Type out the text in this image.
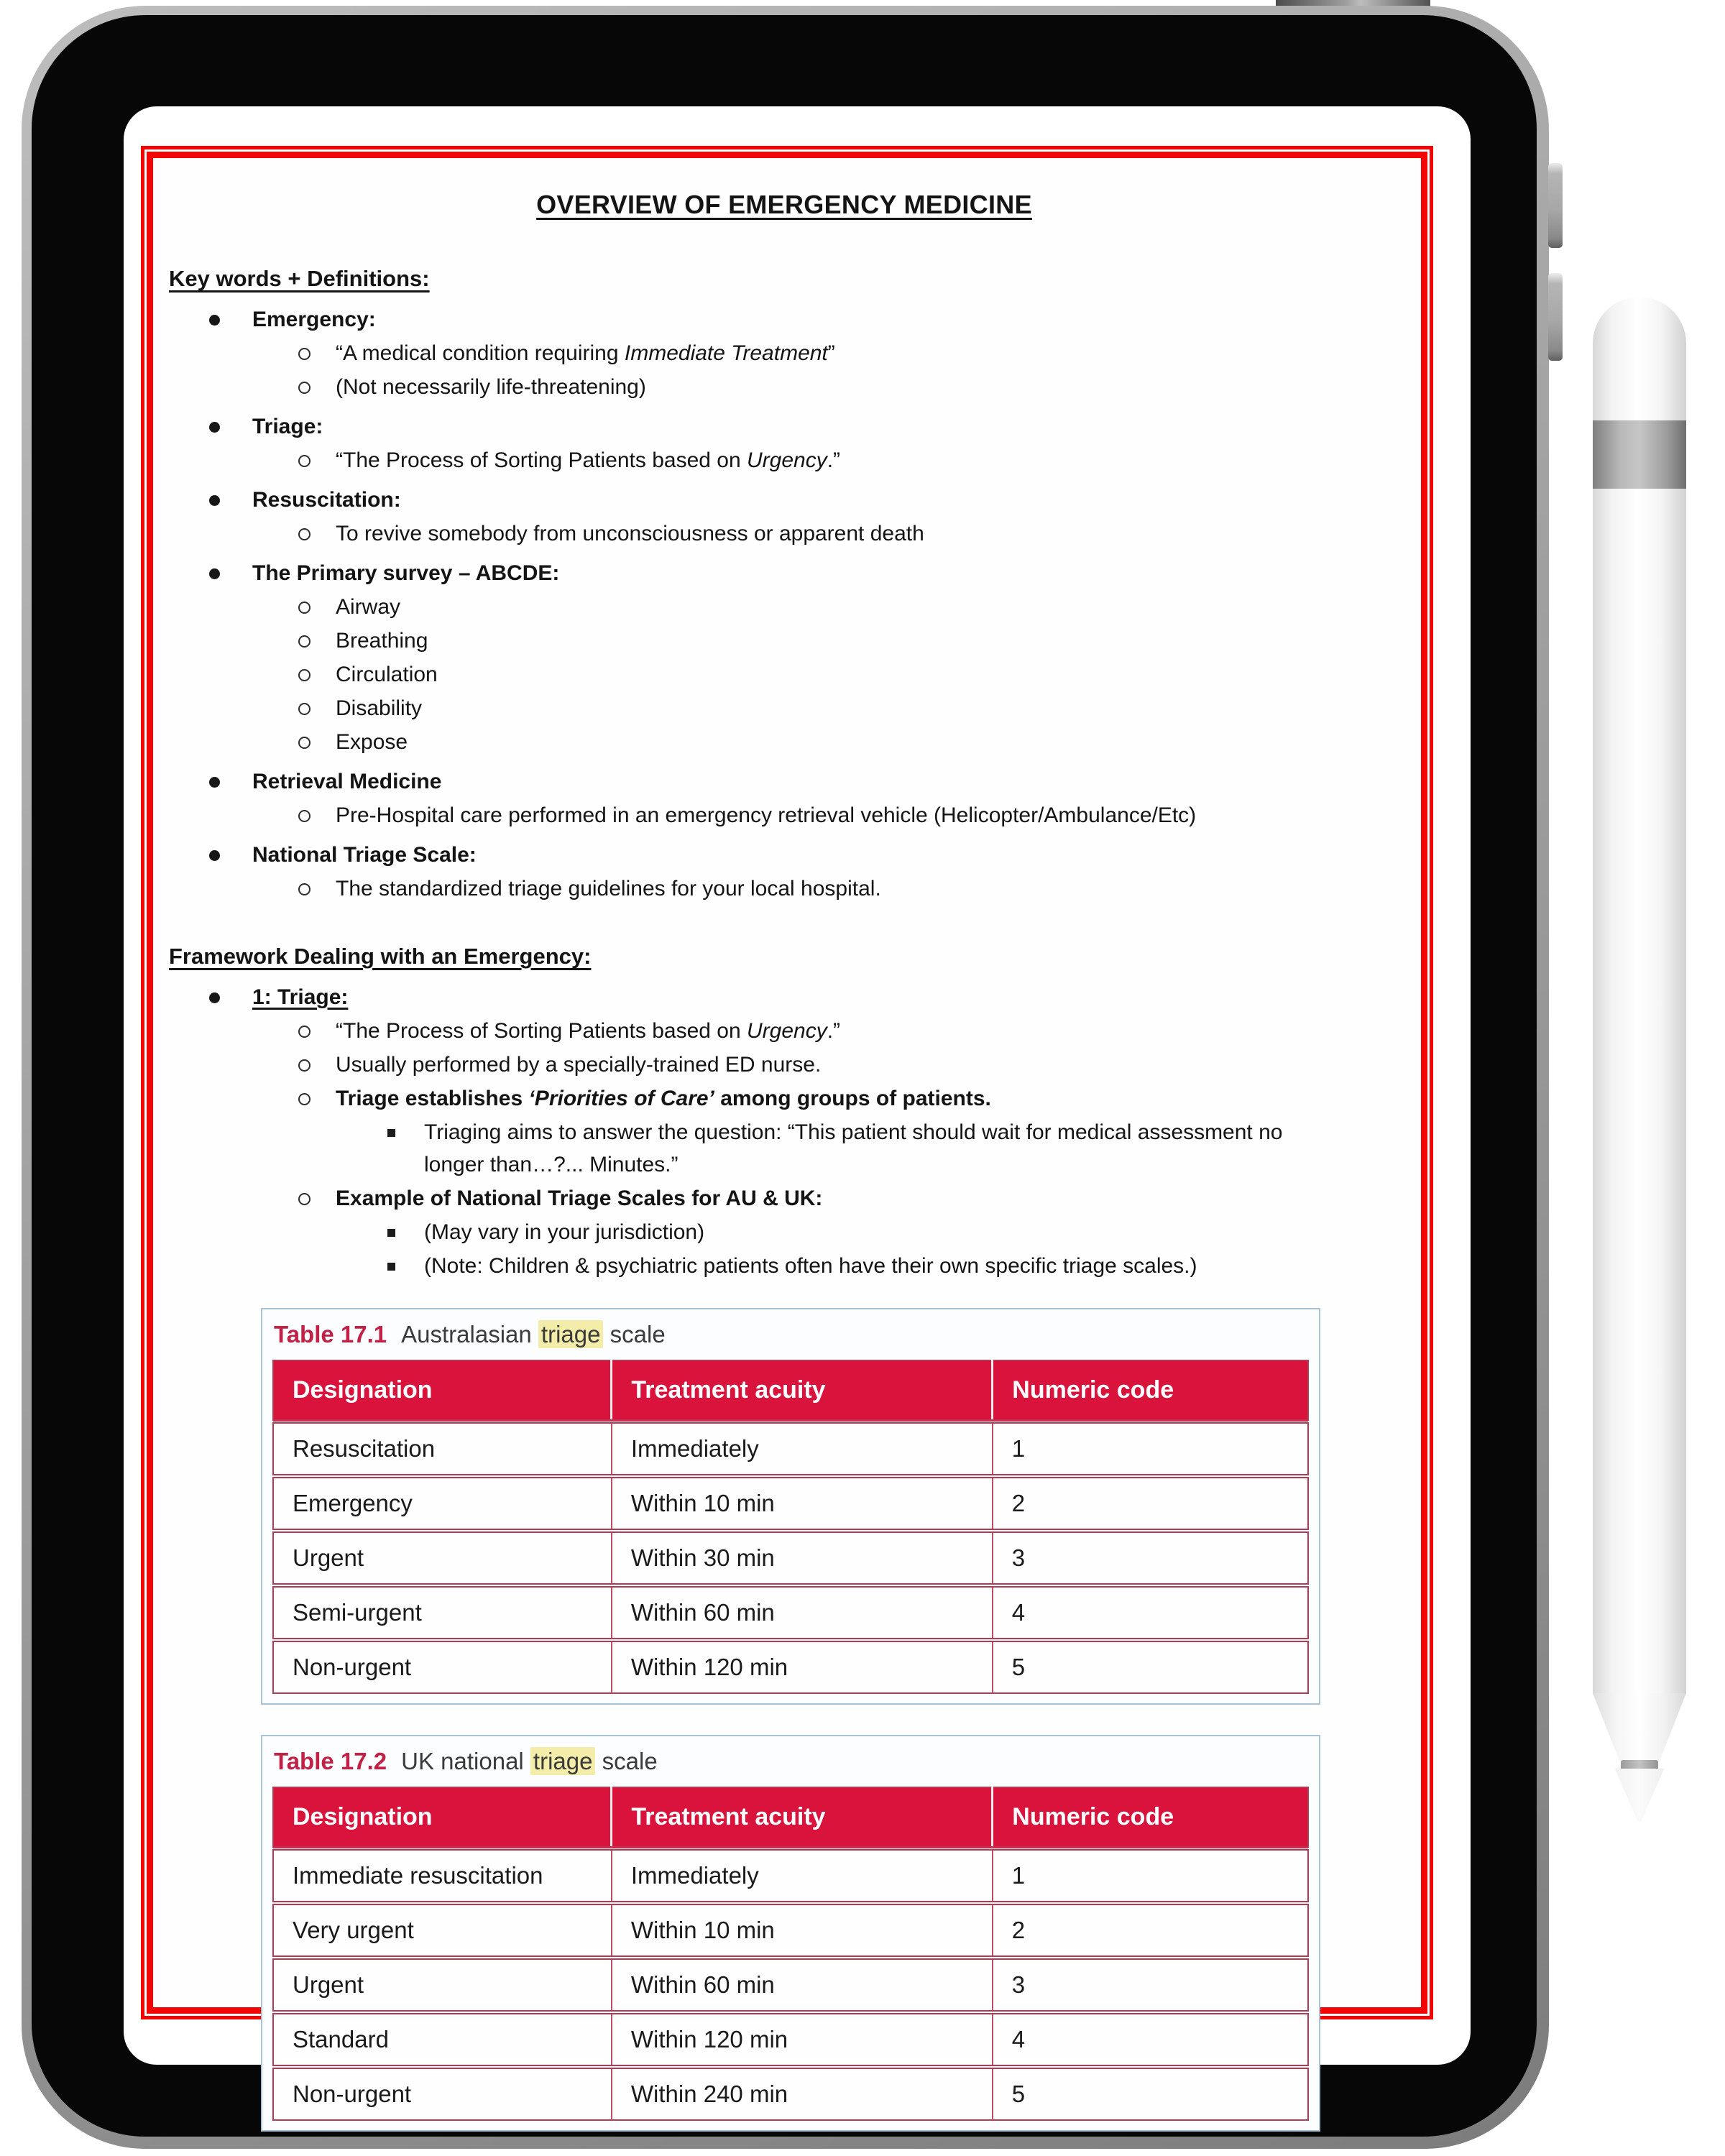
OVERVIEW OF EMERGENCY MEDICINE
Key words + Definitions:
Emergency:
“A medical condition requiring Immediate Treatment”
(Not necessarily life-threatening)
Triage:
“The Process of Sorting Patients based on Urgency.”
Resuscitation:
To revive somebody from unconsciousness or apparent death
The Primary survey – ABCDE:
Airway
Breathing
Circulation
Disability
Expose
Retrieval Medicine
Pre-Hospital care performed in an emergency retrieval vehicle (Helicopter/Ambulance/Etc)
National Triage Scale:
The standardized triage guidelines for your local hospital.
Framework Dealing with an Emergency:
1: Triage:
“The Process of Sorting Patients based on Urgency.”
Usually performed by a specially-trained ED nurse.
Triage establishes ‘Priorities of Care’ among groups of patients.
Triaging aims to answer the question: “This patient should wait for medical assessment no longer than…?... Minutes.”
Example of National Triage Scales for AU & UK:
(May vary in your jurisdiction)
(Note: Children & psychiatric patients often have their own specific triage scales.)
Table 17.1 Australasian triage scale
Designation	Treatment acuity	Numeric code
Resuscitation	Immediately	1
Emergency	Within 10 min	2
Urgent	Within 30 min	3
Semi-urgent	Within 60 min	4
Non-urgent	Within 120 min	5
Table 17.2 UK national triage scale
Designation	Treatment acuity	Numeric code
Immediate resuscitation	Immediately	1
Very urgent	Within 10 min	2
Urgent	Within 60 min	3
Standard	Within 120 min	4
Non-urgent	Within 240 min	5
